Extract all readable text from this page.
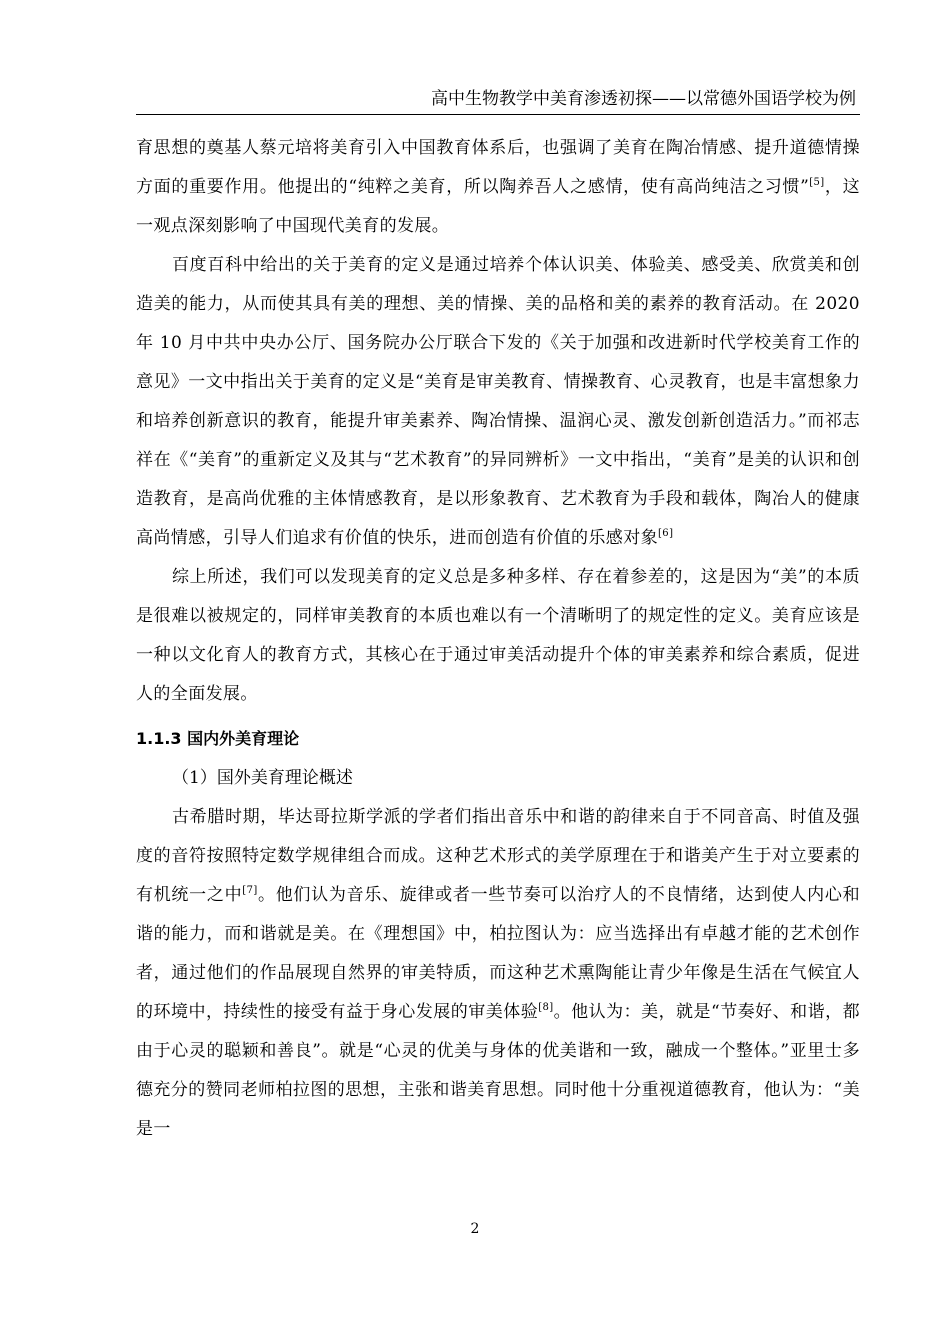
高中生物教学中美育渗透初探——以常德外国语学校为例

育思想的奠基人蔡元培将美育引入中国教育体系后，也强调了美育在陶冶情感、提升道德情操方面的重要作用。他提出的“纯粹之美育，所以陶养吾人之感情，使有高尚纯洁之习惯”[5]，这一观点深刻影响了中国现代美育的发展。

百度百科中给出的关于美育的定义是通过培养个体认识美、体验美、感受美、欣赏美和创造美的能力，从而使其具有美的理想、美的情操、美的品格和美的素养的教育活动。在 2020 年 10 月中共中央办公厅、国务院办公厅联合下发的《关于加强和改进新时代学校美育工作的意见》一文中指出关于美育的定义是“美育是审美教育、情操教育、心灵教育，也是丰富想象力和培养创新意识的教育，能提升审美素养、陶冶情操、温润心灵、激发创新创造活力。”而祁志祥在《“美育”的重新定义及其与“艺术教育”的异同辨析》一文中指出，“美育”是美的认识和创造教育，是高尚优雅的主体情感教育，是以形象教育、艺术教育为手段和载体，陶冶人的健康高尚情感，引导人们追求有价值的快乐，进而创造有价值的乐感对象[6]

综上所述，我们可以发现美育的定义总是多种多样、存在着参差的，这是因为“美”的本质是很难以被规定的，同样审美教育的本质也难以有一个清晰明了的规定性的定义。美育应该是一种以文化育人的教育方式，其核心在于通过审美活动提升个体的审美素养和综合素质，促进人的全面发展。

1.1.3 国内外美育理论

（1）国外美育理论概述

古希腊时期，毕达哥拉斯学派的学者们指出音乐中和谐的韵律来自于不同音高、时值及强度的音符按照特定数学规律组合而成。这种艺术形式的美学原理在于和谐美产生于对立要素的有机统一之中[7]。他们认为音乐、旋律或者一些节奏可以治疗人的不良情绪，达到使人内心和谐的能力，而和谐就是美。在《理想国》中，柏拉图认为：应当选择出有卓越才能的艺术创作者，通过他们的作品展现自然界的审美特质，而这种艺术熏陶能让青少年像是生活在气候宜人的环境中，持续性的接受有益于身心发展的审美体验[8]。他认为：美，就是“节奏好、和谐，都由于心灵的聪颖和善良”。就是“心灵的优美与身体的优美谐和一致，融成一个整体。”亚里士多德充分的赞同老师柏拉图的思想，主张和谐美育思想。同时他十分重视道德教育，他认为：“美是一

2
